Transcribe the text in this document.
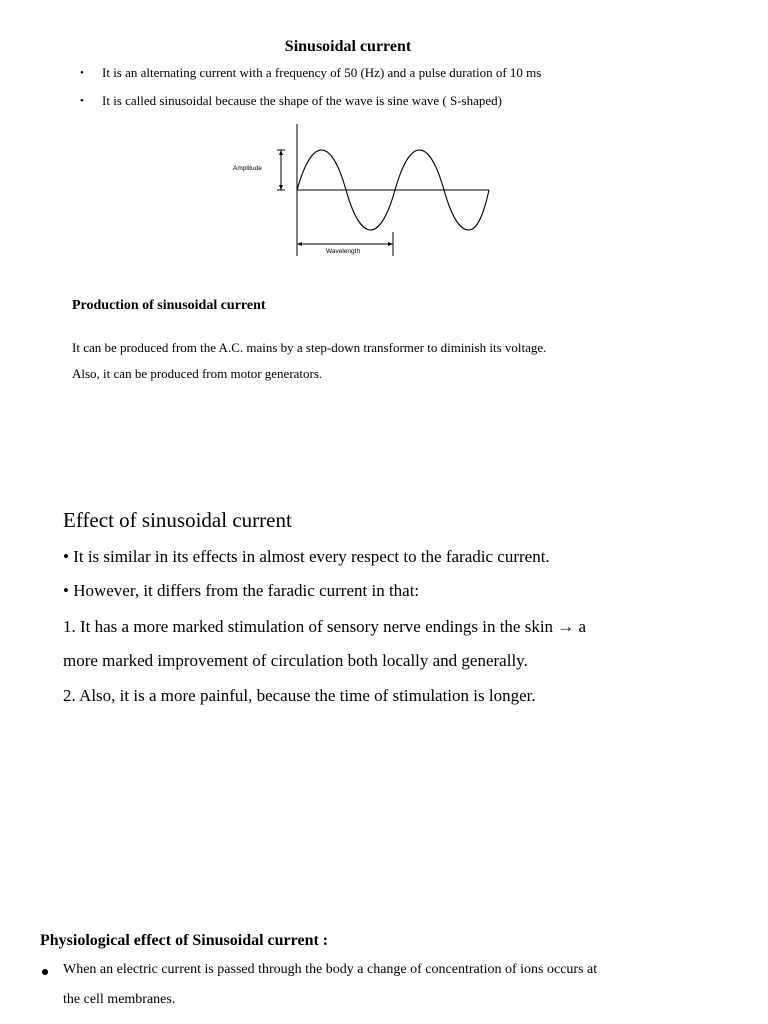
Sinusoidal current
• It is an alternating current with a frequency of 50 (Hz) and a pulse duration of 10 ms
• It is called sinusoidal because the shape of the wave is sine wave ( S-shaped)
Amplitude
Wavelength
Production of sinusoidal current
It can be produced from the A.C. mains by a step-down transformer to diminish its voltage.
Also, it can be produced from motor generators.
Effect of sinusoidal current
• It is similar in its effects in almost every respect to the faradic current.
• However, it differs from the faradic current in that:
1. It has a more marked stimulation of sensory nerve endings in the skin → a
more marked improvement of circulation both locally and generally.
2. Also, it is a more painful, because the time of stimulation is longer.
Physiological effect of Sinusoidal current :
When an electric current is passed through the body a change of concentration of ions occurs at
the cell membranes.
